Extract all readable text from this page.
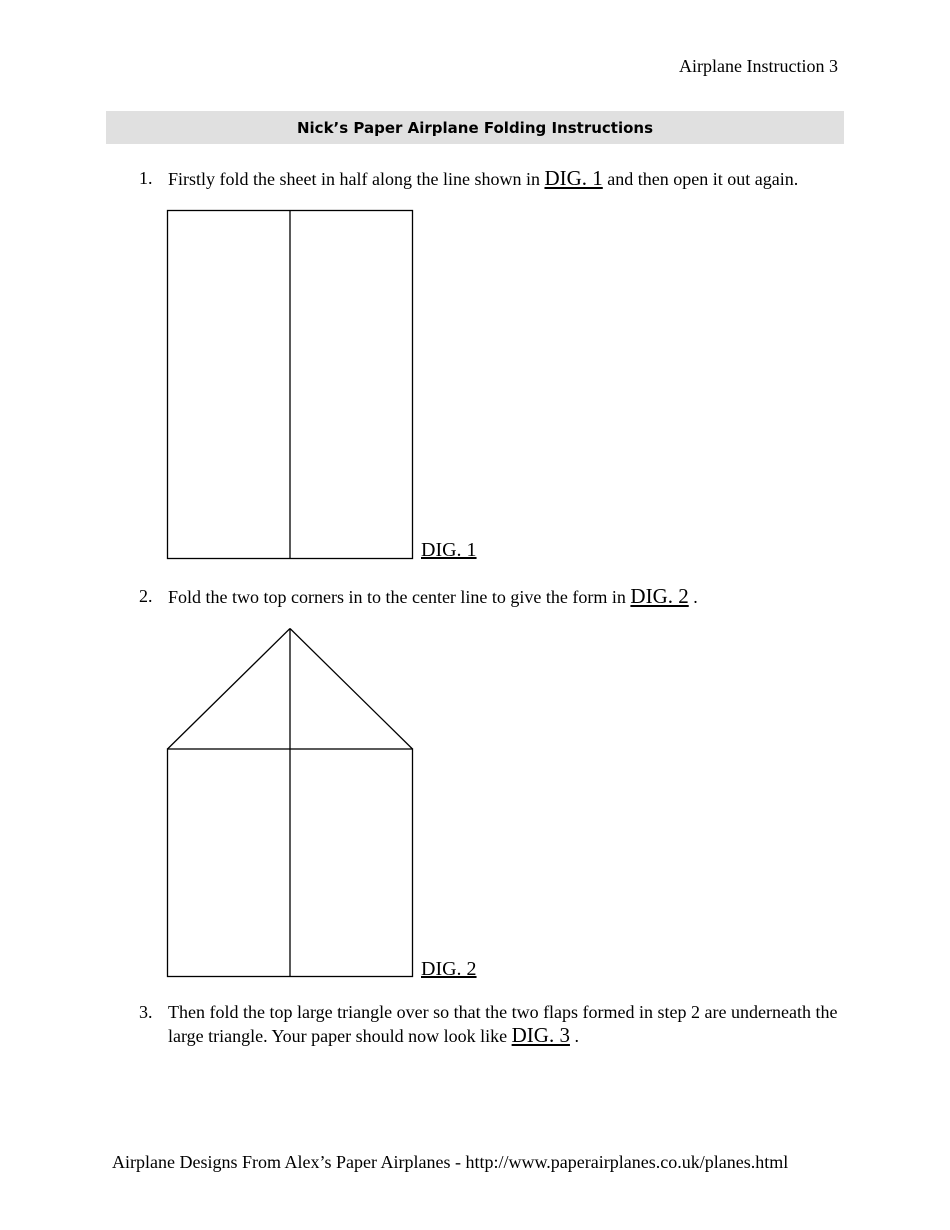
Airplane Instruction 3
Nick’s Paper Airplane Folding Instructions
1. Firstly fold the sheet in half along the line shown in DIG. 1 and then open it out again.
DIG. 1
2. Fold the two top corners in to the center line to give the form in DIG. 2 .
DIG. 2
3. Then fold the top large triangle over so that the two flaps formed in step 2 are underneath the large triangle. Your paper should now look like DIG. 3 .
Airplane Designs From Alex’s Paper Airplanes - http://www.paperairplanes.co.uk/planes.html
